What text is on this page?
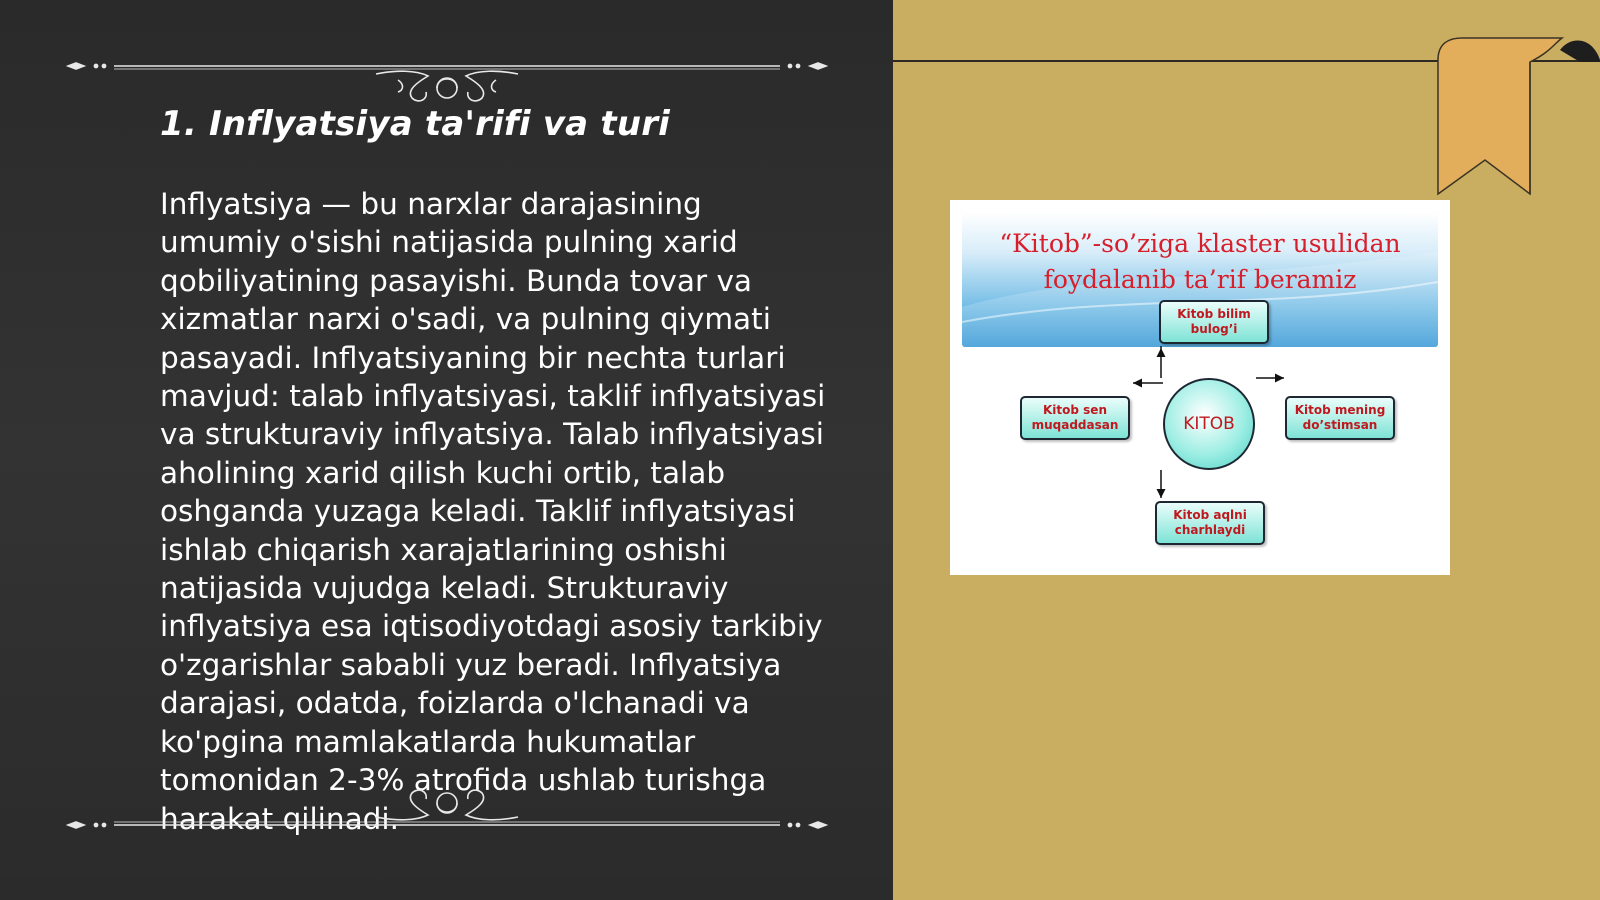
1. Inflyatsiya ta'rifi va turi

Inflyatsiya — bu narxlar darajasining umumiy o'sishi natijasida pulning xarid qobiliyatining pasayishi. Bunda tovar va xizmatlar narxi o'sadi, va pulning qiymati pasayadi. Inflyatsiyaning bir nechta turlari mavjud: talab inflyatsiyasi, taklif inflyatsiyasi va strukturaviy inflyatsiya. Talab inflyatsiyasi aholining xarid qilish kuchi ortib, talab oshganda yuzaga keladi. Taklif inflyatsiyasi ishlab chiqarish xarajatlarining oshishi natijasida vujudga keladi. Strukturaviy inflyatsiya esa iqtisodiyotdagi asosiy tarkibiy o'zgarishlar sababli yuz beradi. Inflyatsiya darajasi, odatda, foizlarda o'lchanadi va ko'pgina mamlakatlarda hukumatlar tomonidan 2-3% atrofida ushlab turishga harakat qilinadi.

“Kitob”-so’ziga klaster usulidan
foydalanib ta’rif beramiz
Kitob bilim bulog’i
Kitob sen muqaddasan	KITOB
Kitob mening do’stimsan
Kitob aqlni charhlaydi
